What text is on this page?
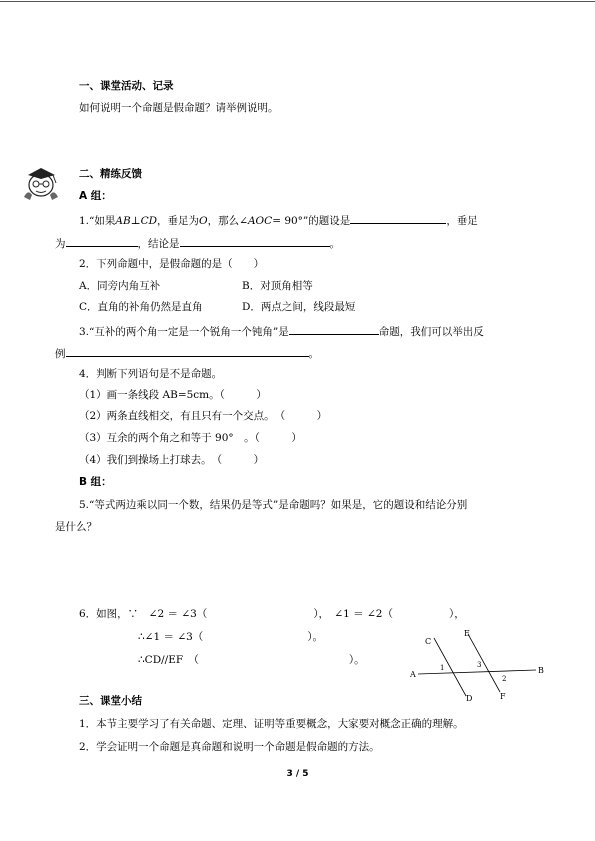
一、课堂活动、记录
如何说明一个命题是假命题？请举例说明。
二、精练反馈
A 组：
1.“如果AB⊥CD，垂足为O，那么∠AOC= 90°”的题设是	，垂足
为	，结论是	。
2．下列命题中，是假命题的是（　　）
A．同旁内角互补	B．对顶角相等
C．直角的补角仍然是直角	D．两点之间，线段最短
3.“互补的两个角一定是一个锐角一个钝角”是	命题，我们可以举出反
例	。
4．判断下列语句是不是命题。
（1）画一条线段 AB=5cm。（　　　）
（2）两条直线相交，有且只有一个交点。　（　　　）
（3）互余的两个角之和等于 90°　。（　　　）
（4）我们到操场上打球去。　（　　　）
B 组：
5.“等式两边乘以同一个数，结果仍是等式”是命题吗？如果是，它的题设和结论分别
是什么？
6．如图，∵　∠2 ＝ ∠3（	），　∠1 ＝ ∠2（	），
∴∠1 ＝ ∠3（	）。
∴CD//EF　（	）。
C
E
A	B
D	F
1	3
2
三、课堂小结
1．本节主要学习了有关命题、定理、证明等重要概念，大家要对概念正确的理解。
2．学会证明一个命题是真命题和说明一个命题是假命题的方法。
3 / 5
